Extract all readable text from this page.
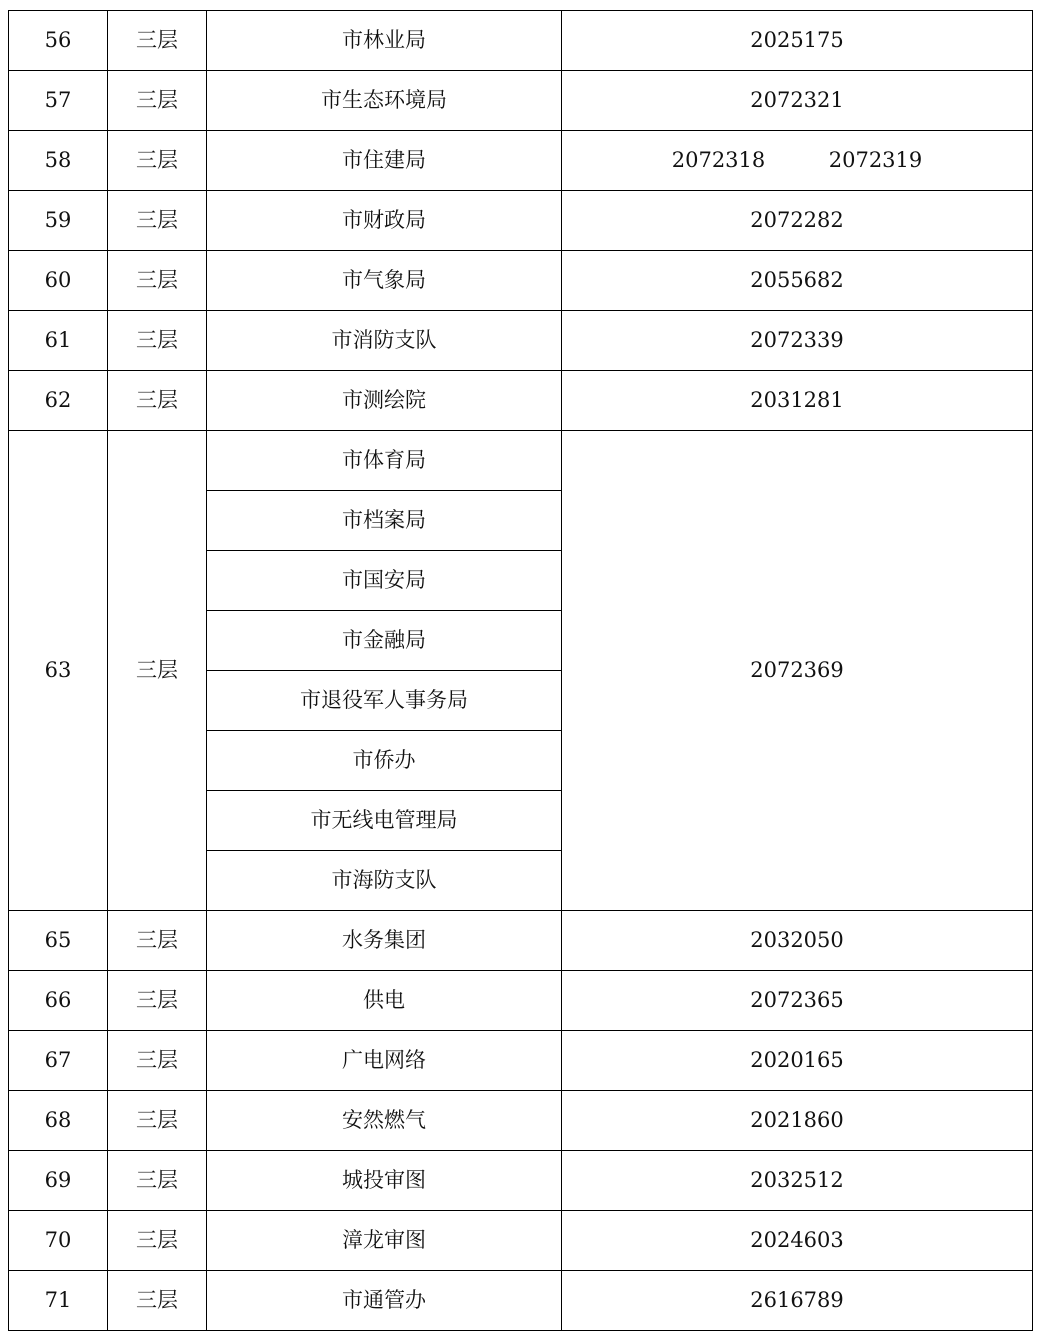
56	三层	市林业局	2025175
57	三层	市生态环境局	2072321
58	三层	市住建局	2072318 2072319
59	三层	市财政局	2072282
60	三层	市气象局	2055682
61	三层	市消防支队	2072339
62	三层	市测绘院	2031281
63	三层	市体育局	2072369
		市档案局	
		市国安局	
		市金融局	
		市退役军人事务局	
		市侨办	
		市无线电管理局	
		市海防支队	
65	三层	水务集团	2032050
66	三层	供电	2072365
67	三层	广电网络	2020165
68	三层	安然燃气	2021860
69	三层	城投审图	2032512
70	三层	漳龙审图	2024603
71	三层	市通管办	2616789
